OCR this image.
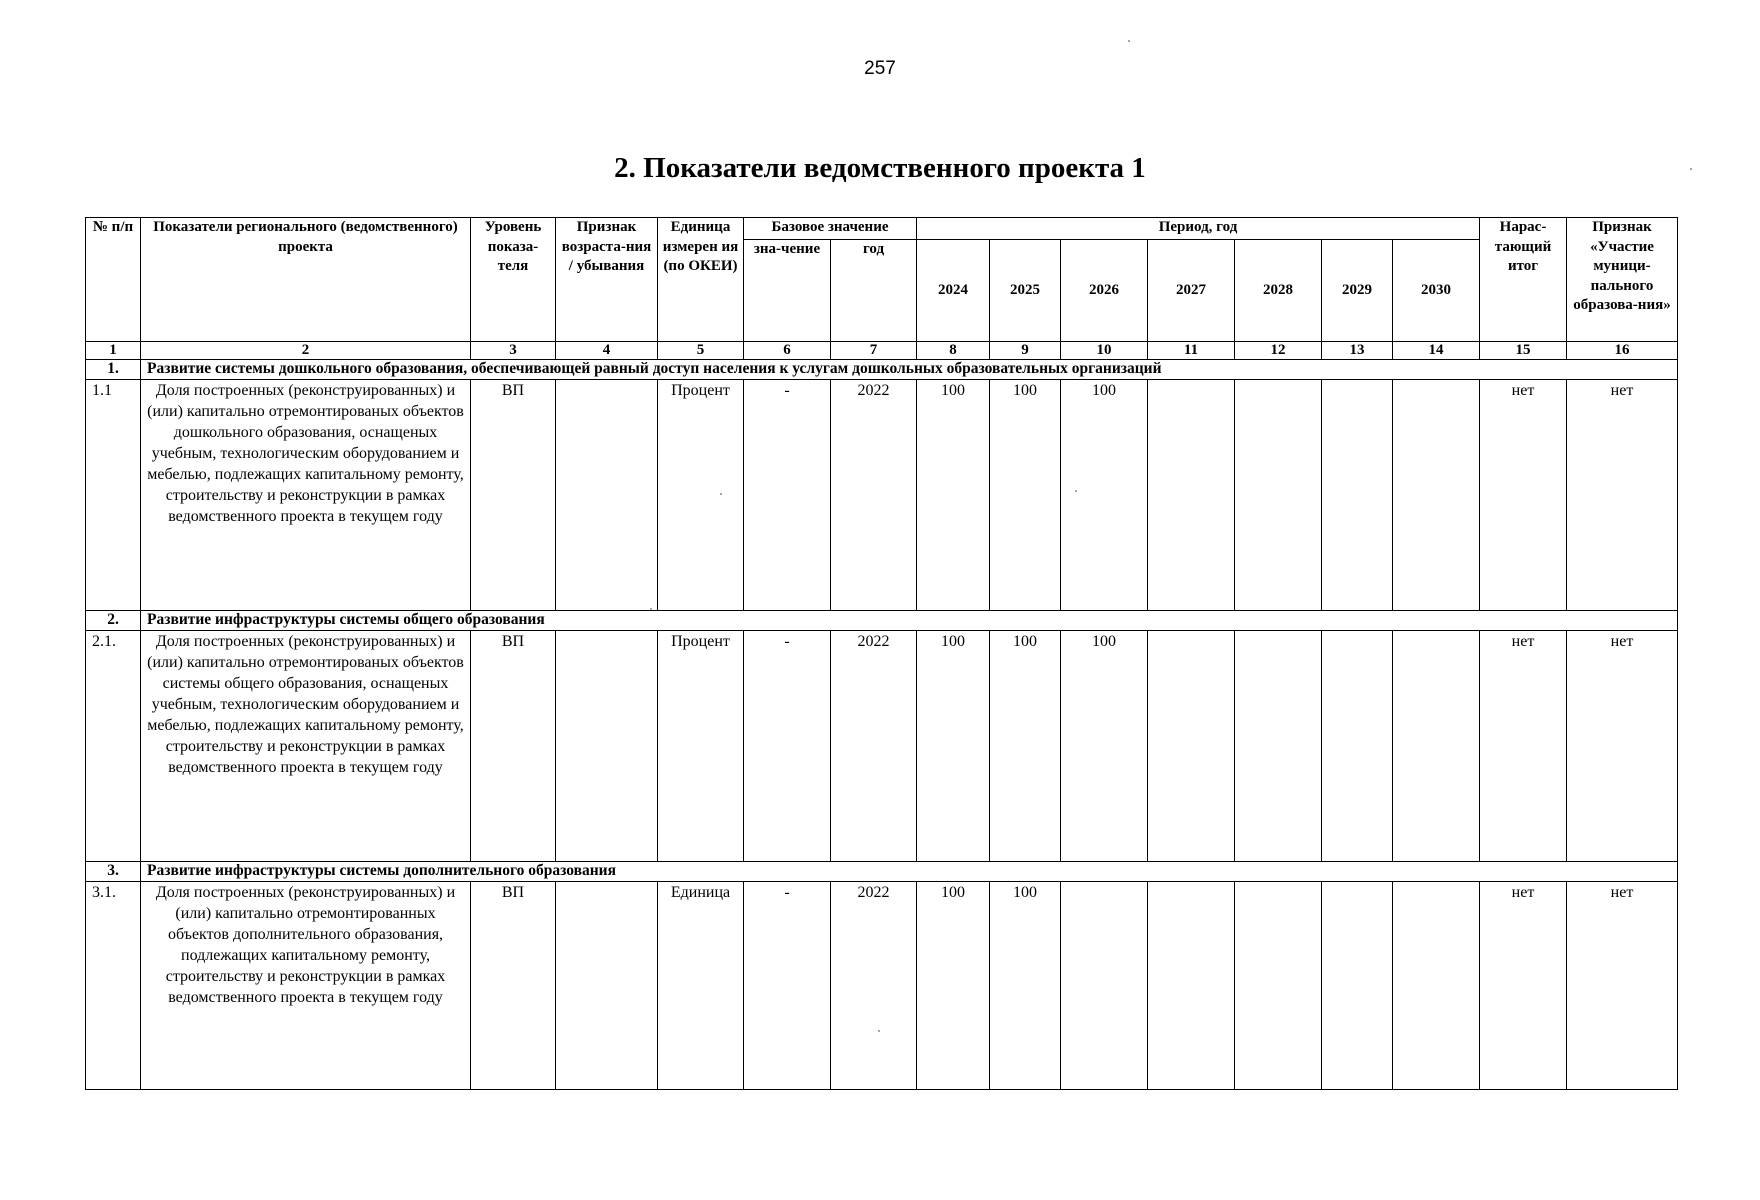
257
2. Показатели ведомственного проекта 1
№ п/п	Показатели регионального (ведомственного) проекта	Уровень показа-теля	Признак возраста-ния / убывания	Единица измерен ия (по ОКЕИ)	Базовое значение		Период, год							Нарас-тающий итог	Признак «Участие муници-пального образова-ния»
					зна-чение	год	2024	2025	2026	2027	2028	2029	2030		
1	2	3	4	5	6	7	8	9	10	11	12	13	14	15	16
1.	Развитие системы дошкольного образования, обеспечивающей равный доступ населения к услугам дошкольных образовательных организаций														
1.1	Доля построенных (реконструированных) и (или) капитально отремонтированых объектов дошкольного образования, оснащеных учебным, технологическим оборудованием и мебелью, подлежащих капитальному ремонту, строительству и реконструкции в рамках ведомственного проекта в текущем году	ВП		Процент	-	2022	100	100	100					нет	нет
2.	Развитие инфраструктуры системы общего образования														
2.1.	Доля построенных (реконструированных) и (или) капитально отремонтированых объектов системы общего образования, оснащеных учебным, технологическим оборудованием и мебелью, подлежащих капитальному ремонту, строительству и реконструкции в рамках ведомственного проекта в текущем году	ВП		Процент	-	2022	100	100	100					нет	нет
3.	Развитие инфраструктуры системы дополнительного образования														
3.1.	Доля построенных (реконструированных) и (или) капитально отремонтированных объектов дополнительного образования, подлежащих капитальному ремонту, строительству и реконструкции в рамках ведомственного проекта в текущем году	ВП		Единица	-	2022	100	100						нет	нет
